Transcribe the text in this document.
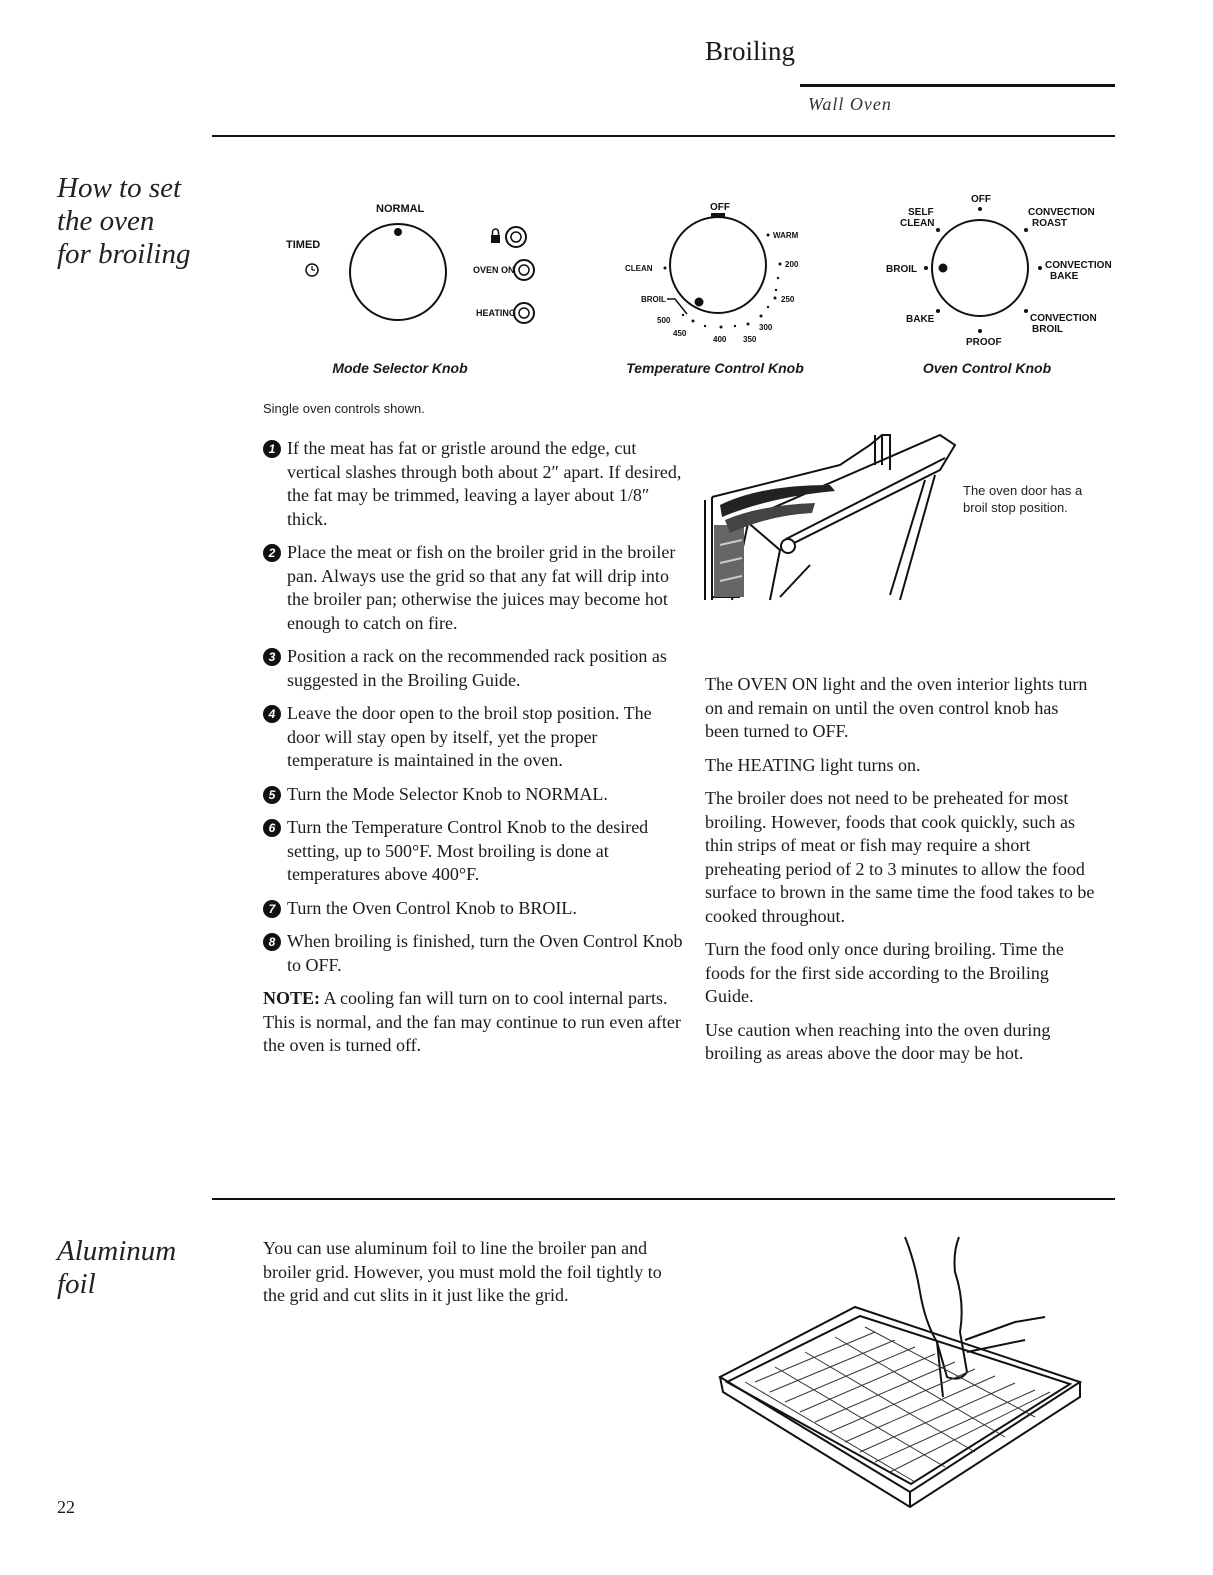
Broiling
Wall Oven
How to set
the oven
for broiling
NORMAL
TIMED
OVEN ON
HEATING
Mode Selector Knob
OFF
WARM
200
250
300
350
400
450
500
BROIL
CLEAN
Temperature Control Knob
OFF
SELF
CLEAN
CONVECTION
ROAST
BROIL	CONVECTION
BAKE
BAKE	CONVECTION
BROIL
PROOF
Oven Control Knob
Single oven controls shown.
1 If the meat has fat or gristle around the edge, cut vertical slashes through both about 2″ apart. If desired, the fat may be trimmed, leaving a layer about 1/8″ thick.
2 Place the meat or fish on the broiler grid in the broiler pan. Always use the grid so that any fat will drip into the broiler pan; otherwise the juices may become hot enough to catch on fire.
3 Position a rack on the recommended rack position as suggested in the Broiling Guide.
4 Leave the door open to the broil stop position. The door will stay open by itself, yet the proper temperature is maintained in the oven.
5 Turn the Mode Selector Knob to NORMAL.
6 Turn the Temperature Control Knob to the desired setting, up to 500°F. Most broiling is done at temperatures above 400°F.
7 Turn the Oven Control Knob to BROIL.
8 When broiling is finished, turn the Oven Control Knob to OFF.
NOTE: A cooling fan will turn on to cool internal parts. This is normal, and the fan may continue to run even after the oven is turned off.
The oven door has a broil stop position.

The OVEN ON light and the oven interior lights turn on and remain on until the oven control knob has been turned to OFF.

The HEATING light turns on.

The broiler does not need to be preheated for most broiling. However, foods that cook quickly, such as thin strips of meat or fish may require a short preheating period of 2 to 3 minutes to allow the food surface to brown in the same time the food takes to be cooked throughout.

Turn the food only once during broiling. Time the foods for the first side according to the Broiling Guide.

Use caution when reaching into the oven during broiling as areas above the door may be hot.

Aluminum
foil
You can use aluminum foil to line the broiler pan and broiler grid. However, you must mold the foil tightly to the grid and cut slits in it just like the grid.
22
